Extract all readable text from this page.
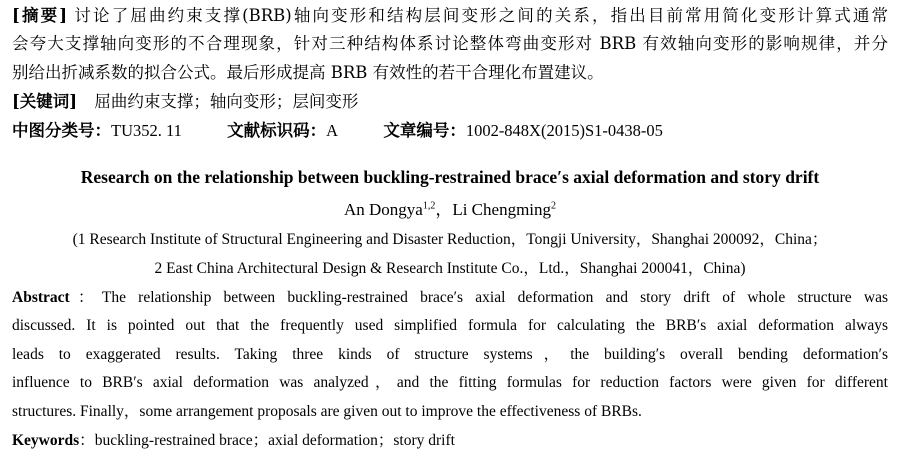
[摘要] 讨论了屈曲约束支撑(BRB)轴向变形和结构层间变形之间的关系，指出目前常用简化变形计算式通常
会夸大支撑轴向变形的不合理现象，针对三种结构体系讨论整体弯曲变形对 BRB 有效轴向变形的影响规律，并分
别给出折减系数的拟合公式。最后形成提高 BRB 有效性的若干合理化布置建议。
[关键词] 屈曲约束支撑；轴向变形；层间变形
中图分类号：TU352. 11	文献标识码：A	文章编号：1002-848X(2015)S1-0438-05
Research on the relationship between buckling-restrained brace′s axial deformation and story drift
An Dongya$^{1,2}$，Li Chengming$^2$
(1 Research Institute of Structural Engineering and Disaster Reduction，Tongji University，Shanghai 200092，China；
2 East China Architectural Design & Research Institute Co.，Ltd.，Shanghai 200041，China)
Abstract：The relationship between buckling-restrained brace′s axial deformation and story drift of whole structure was
discussed. It is pointed out that the frequently used simplified formula for calculating the BRB′s axial deformation always
leads to exaggerated results. Taking three kinds of structure systems，the building′s overall bending deformation′s
influence to BRB′s axial deformation was analyzed，and the fitting formulas for reduction factors were given for different
structures. Finally，some arrangement proposals are given out to improve the effectiveness of BRBs.
Keywords：buckling-restrained brace；axial deformation；story drift
